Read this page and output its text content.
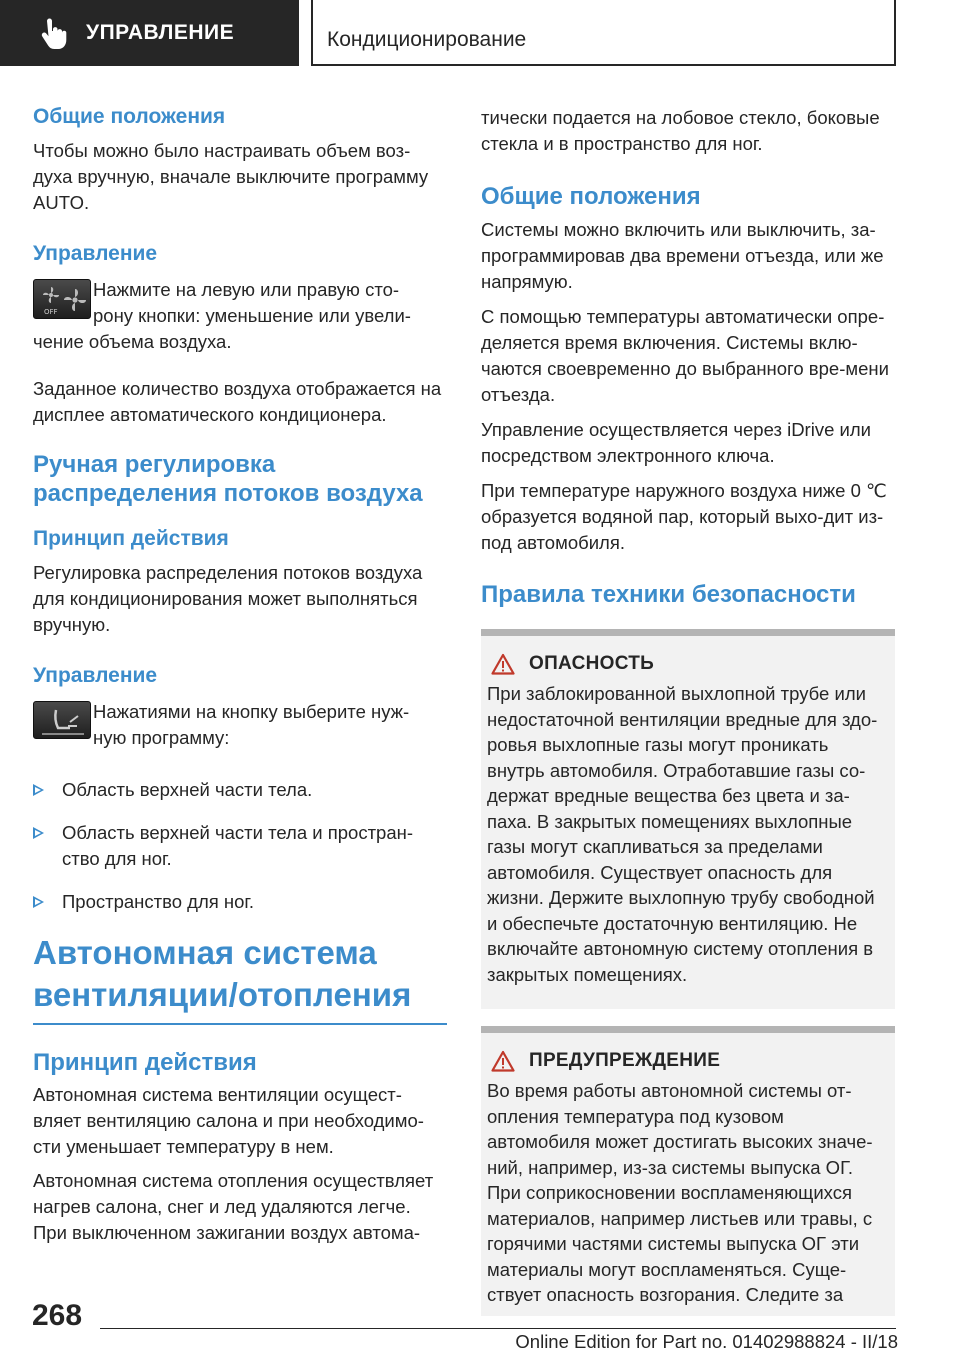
УПРАВЛЕНИЕ	Кондиционирование
Общие положения

Чтобы можно было настраивать объем воз-духа вручную, вначале выключите программу AUTO.

Управление
OFF
Нажмите на левую или правую сто-
рону кнопки: уменьшение или увели-
чение объема воздуха.

Заданное количество воздуха отображается на дисплее автоматического кондиционера.

Ручная регулировка распределения потоков воздуха
Принцип действия

Регулировка распределения потоков воздуха для кондиционирования может выполняться вручную.

Управление
Нажатиями на кнопку выберите нуж-
ную программу:
Область верхней части тела.
Область верхней части тела и простран-ство для ног.
Пространство для ног.
Автономная система вентиляции/отопления
Принцип действия

Автономная система вентиляции осущест-вляет вентиляцию салона и при необходимо-сти уменьшает температуру в нем.

Автономная система отопления осуществляет нагрев салона, снег и лед удаляются легче. При выключенном зажигании воздух автома-

тически подается на лобовое стекло, боковые стекла и в пространство для ног.

Общие положения

Системы можно включить или выключить, за-программировав два времени отъезда, или же напрямую.

С помощью температуры автоматически опре-деляется время включения. Системы вклю-чаются своевременно до выбранного вре-мени отъезда.

Управление осуществляется через iDrive или посредством электронного ключа.

При температуре наружного воздуха ниже 0 ℃ образуется водяной пар, который выхо-дит из-под автомобиля.

Правила техники безопасности
ОПАСНОСТЬ

При заблокированной выхлопной трубе или недостаточной вентиляции вредные для здо-ровья выхлопные газы могут проникать внутрь автомобиля. Отработавшие газы со-держат вредные вещества без цвета и за-паха. В закрытых помещениях выхлопные газы могут скапливаться за пределами автомобиля. Существует опасность для жизни. Держите выхлопную трубу свободной и обеспечьте достаточную вентиляцию. Не включайте автономную систему отопления в закрытых помещениях.

ПРЕДУПРЕЖДЕНИЕ

Во время работы автономной системы от-опления температура под кузовом автомобиля может достигать высоких значе-ний, например, из-за системы выпуска ОГ. При соприкосновении воспламеняющихся материалов, например листьев или травы, с горячими частями системы выпуска ОГ эти материалы могут воспламеняться. Суще-ствует опасность возгорания. Следите за

268
Online Edition for Part no. 01402988824 - II/18
